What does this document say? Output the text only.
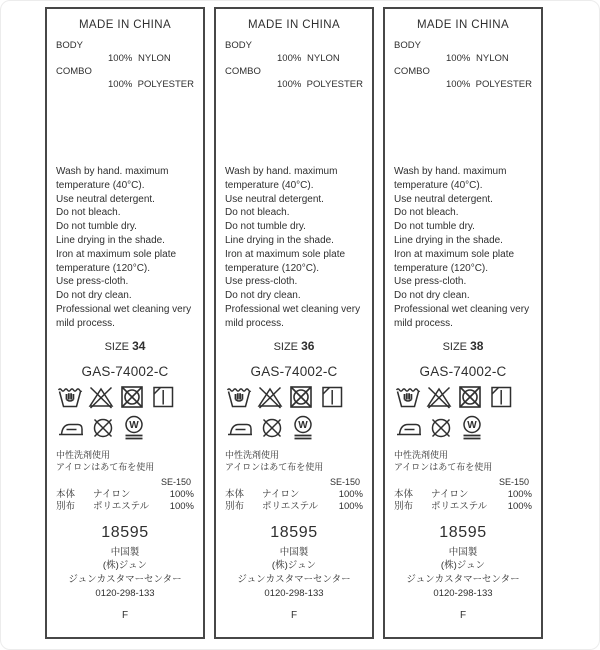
MADE IN CHINA
BODY
100% NYLON
COMBO
100% POLYESTER
Wash by hand. maximum
temperature (40°C).
Use neutral detergent.
Do not bleach.
Do not tumble dry.
Line drying in the shade.
Iron at maximum sole plate
temperature (120°C).
Use press-cloth.
Do not dry clean.
Professional wet cleaning very
mild process.
SIZE 34
GAS-74002-C
W
中性洗剤使用
アイロンはあて布を使用
SE-150
本体	ナイロン	100%
別布	ポリエステル	100%
18595
中国製
(株)ジュン
ジュンカスタマーセンター
0120-298-133
F
MADE IN CHINA
BODY
100% NYLON
COMBO
100% POLYESTER
Wash by hand. maximum
temperature (40°C).
Use neutral detergent.
Do not bleach.
Do not tumble dry.
Line drying in the shade.
Iron at maximum sole plate
temperature (120°C).
Use press-cloth.
Do not dry clean.
Professional wet cleaning very
mild process.
SIZE 36
GAS-74002-C
W
中性洗剤使用
アイロンはあて布を使用
SE-150
本体	ナイロン	100%
別布	ポリエステル	100%
18595
中国製
(株)ジュン
ジュンカスタマーセンター
0120-298-133
F
MADE IN CHINA
BODY
100% NYLON
COMBO
100% POLYESTER
Wash by hand. maximum
temperature (40°C).
Use neutral detergent.
Do not bleach.
Do not tumble dry.
Line drying in the shade.
Iron at maximum sole plate
temperature (120°C).
Use press-cloth.
Do not dry clean.
Professional wet cleaning very
mild process.
SIZE 38
GAS-74002-C
W
中性洗剤使用
アイロンはあて布を使用
SE-150
本体	ナイロン	100%
別布	ポリエステル	100%
18595
中国製
(株)ジュン
ジュンカスタマーセンター
0120-298-133
F
